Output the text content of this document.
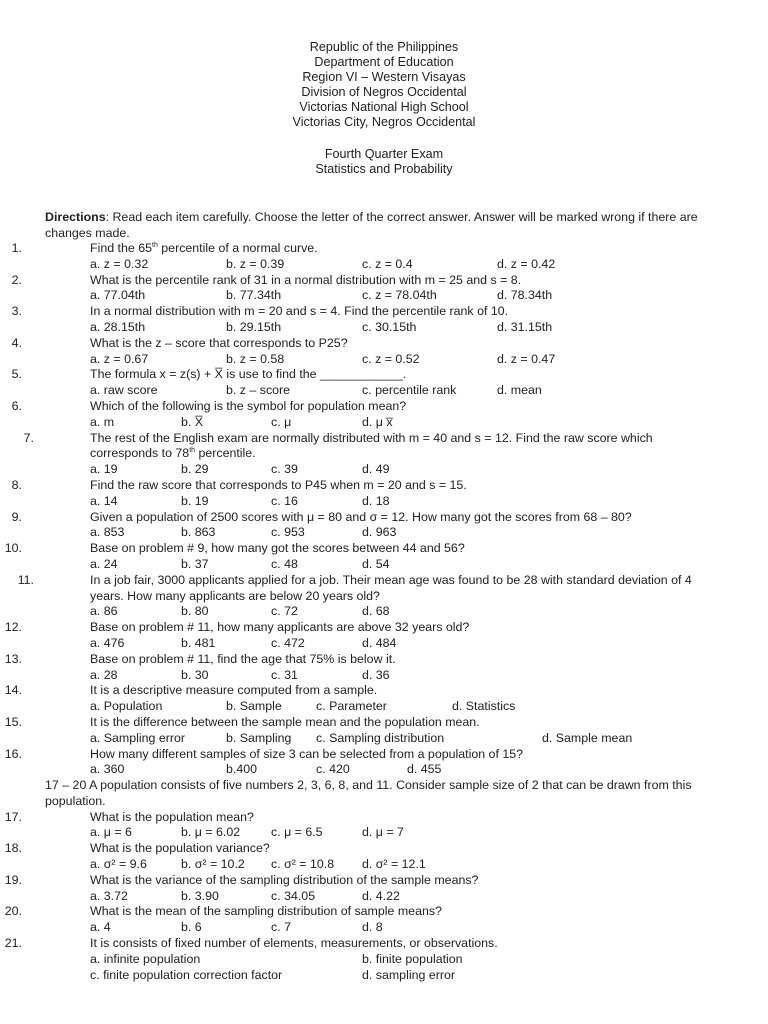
Republic of the Philippines
Department of Education
Region VI – Western Visayas
Division of Negros Occidental
Victorias National High School
Victorias City, Negros Occidental
Fourth Quarter Exam
Statistics and Probability
Directions: Read each item carefully. Choose the letter of the correct answer. Answer will be marked wrong if there are changes made.
1.	Find the 65th percentile of a normal curve.
a. z = 0.32	b. z = 0.39	c. z = 0.4	d. z = 0.42
2.	What is the percentile rank of 31 in a normal distribution with m = 25 and s = 8.
a. 77.04th	b. 77.34th	c. z = 78.04th	d. 78.34th
3.	In a normal distribution with m = 20 and s = 4. Find the percentile rank of 10.
a. 28.15th	b. 29.15th	c. 30.15th	d. 31.15th
4.	What is the z – score that corresponds to P25?
a. z = 0.67	b. z = 0.58	c. z = 0.52	d. z = 0.47
5.	The formula x = z(s) + X̅ is use to find the ____________.
a. raw score	b. z – score	c. percentile rank	d. mean
6.	Which of the following is the symbol for population mean?
a. m	b. X̅	c. μ	d. μ x̅
7.	The rest of the English exam are normally distributed with m = 40 and s = 12. Find the raw score which corresponds to 78th percentile.
a. 19	b. 29	c. 39	d. 49
8.	Find the raw score that corresponds to P45 when m = 20 and s = 15.
a. 14	b. 19	c. 16	d. 18
9.	Given a population of 2500 scores with μ = 80 and σ = 12. How many got the scores from 68 – 80?
a. 853	b. 863	c. 953	d. 963
10.	Base on problem # 9, how many got the scores between 44 and 56?
a. 24	b. 37	c. 48	d. 54
11.	In a job fair, 3000 applicants applied for a job. Their mean age was found to be 28 with standard deviation of 4 years. How many applicants are below 20 years old?
a. 86	b. 80	c. 72	d. 68
12.	Base on problem # 11, how many applicants are above 32 years old?
a. 476	b. 481	c. 472	d. 484
13.	Base on problem # 11, find the age that 75% is below it.
a. 28	b. 30	c. 31	d. 36
14.	It is a descriptive measure computed from a sample.
a. Population	b. Sample	c. Parameter	d. Statistics
15.	It is the difference between the sample mean and the population mean.
a. Sampling error	b. Sampling c. Sampling distribution	d. Sample mean
16.	How many different samples of size 3 can be selected from a population of 15?
a. 360	b.400	c. 420	d. 455
17 – 20 A population consists of five numbers 2, 3, 6, 8, and 11. Consider sample size of 2 that can be drawn from this population.
17.	What is the population mean?
a. μ = 6	b. μ = 6.02 c. μ = 6.5	d. μ = 7
18.	What is the population variance?
a. σ² = 9.6	b. σ² = 10.2 c. σ² = 10.8 d. σ² = 12.1
19.	What is the variance of the sampling distribution of the sample means?
a. 3.72	b. 3.90	c. 34.05	d. 4.22
20.	What is the mean of the sampling distribution of sample means?
a. 4	b. 6	c. 7	d. 8
21.	It is consists of fixed number of elements, measurements, or observations.
a. infinite population	b. finite population
c. finite population correction factor	d. sampling error
